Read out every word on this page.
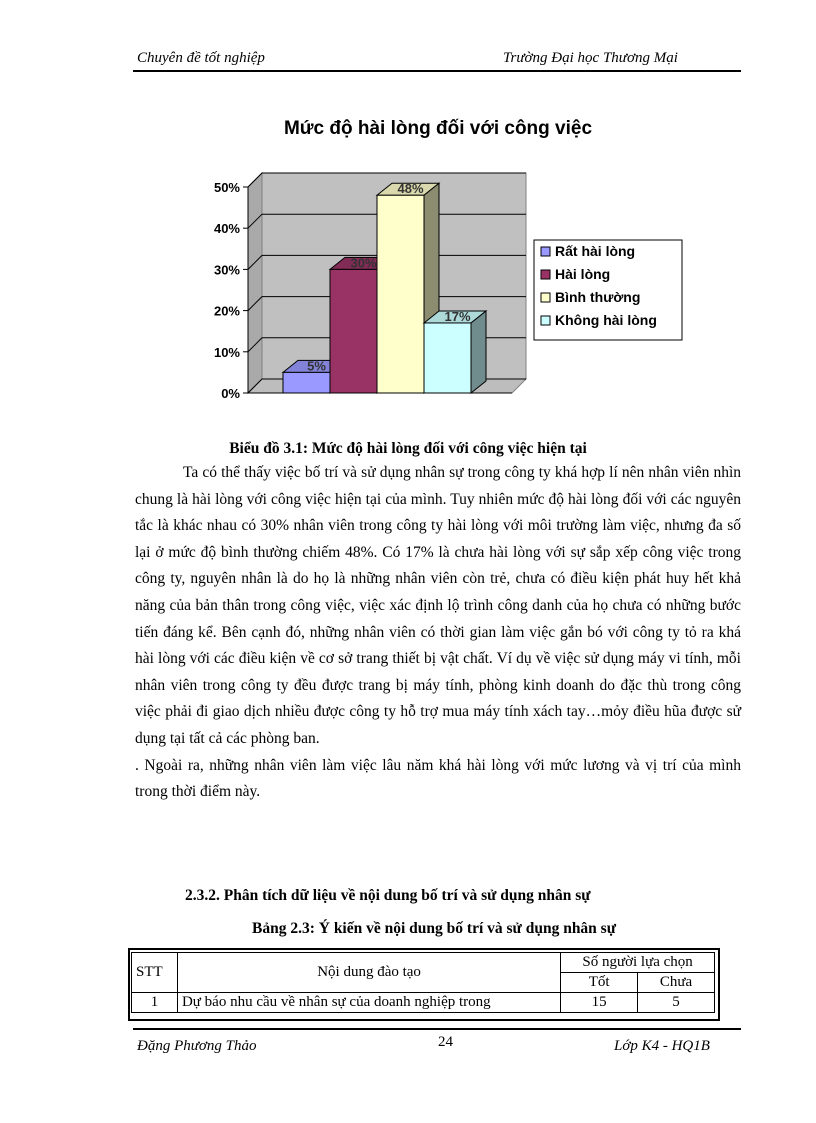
Chuyên đề tốt nghiệp	Trường Đại học Thương Mại
Mức độ hài lòng đối với công việc
0%
10%
20%
30%
40%
50%
5%
30%
48%
17%
Rất hài lòng
Hài lòng
Bình thường
Không hài lòng
Biểu đồ 3.1: Mức độ hài lòng đối với công việc hiện tại

Ta có thể thấy việc bố trí và sử dụng nhân sự trong công ty khá hợp lí nên nhân viên nhìn chung là hài lòng với công việc hiện tại của mình. Tuy nhiên mức độ hài lòng đối với các nguyên tắc là khác nhau có 30% nhân viên trong công ty hài lòng với môi trường làm việc, nhưng đa số lại ở mức độ bình thường chiếm 48%. Có 17% là chưa hài lòng với sự sắp xếp công việc trong công ty, nguyên nhân là do họ là những nhân viên còn trẻ, chưa có điều kiện phát huy hết khả năng của bản thân trong công việc, việc xác định lộ trình công danh của họ chưa có những bước tiến đáng kể. Bên cạnh đó, những nhân viên có thời gian làm việc gắn bó với công ty tỏ ra khá hài lòng với các điều kiện về cơ sở trang thiết bị vật chất. Ví dụ về việc sử dụng máy vi tính, mỗi nhân viên trong công ty đều được trang bị máy tính, phòng kinh doanh do đặc thù trong công việc phải đi giao dịch nhiều được công ty hỗ trợ mua máy tính xách tay…mỏy điều hũa được sử dụng tại tất cả các phòng ban.

. Ngoài ra, những nhân viên làm việc lâu năm khá hài lòng với mức lương và vị trí của mình trong thời điểm này.

2.3.2. Phân tích dữ liệu về nội dung bố trí và sử dụng nhân sự
Bảng 2.3: Ý kiến về nội dung bố trí và sử dụng nhân sự
STT	Nội dung đào tạo	Số người lựa chọn	
		Tốt	Chưa
1	Dự báo nhu cầu về nhân sự của doanh nghiệp trong	15	5
Đặng Phương Thảo	24	Lớp K4 - HQ1B
